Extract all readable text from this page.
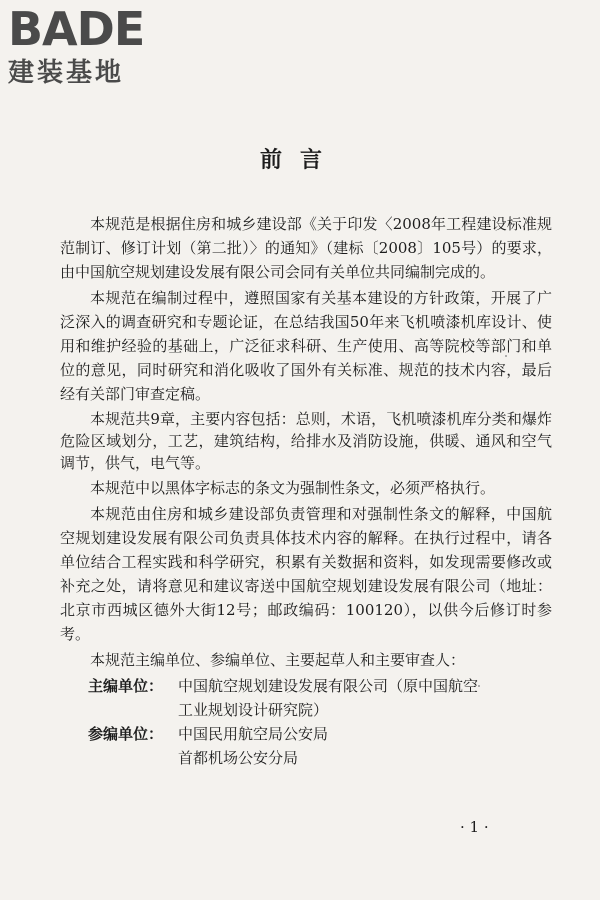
BADE
建装基地
前言

本规范是根据住房和城乡建设部《关于印发〈2008年工程建设标准规范制订、修订计划（第二批）〉的通知》（建标〔2008〕105号）的要求，由中国航空规划建设发展有限公司会同有关单位共同编制完成的。

本规范在编制过程中，遵照国家有关基本建设的方针政策，开展了广泛深入的调查研究和专题论证，在总结我国50年来飞机喷漆机库设计、使用和维护经验的基础上，广泛征求科研、生产使用、高等院校等部门和单位的意见，同时研究和消化吸收了国外有关标准、规范的技术内容，最后经有关部门审查定稿。

本规范共9章，主要内容包括：总则，术语，飞机喷漆机库分类和爆炸危险区域划分，工艺，建筑结构，给排水及消防设施，供暖、通风和空气调节，供气，电气等。

本规范中以黑体字标志的条文为强制性条文，必须严格执行。

本规范由住房和城乡建设部负责管理和对强制性条文的解释，中国航空规划建设发展有限公司负责具体技术内容的解释。在执行过程中，请各单位结合工程实践和科学研究，积累有关数据和资料，如发现需要修改或补充之处，请将意见和建议寄送中国航空规划建设发展有限公司（地址：北京市西城区德外大街12号；邮政编码：100120），以供今后修订时参考。

本规范主编单位、参编单位、主要起草人和主要审查人：

主编单位： 中国航空规划建设发展有限公司（原中国航空
工业规划设计研究院）
参编单位： 中国民用航空局公安局
首都机场公安分局
· 1 ·
